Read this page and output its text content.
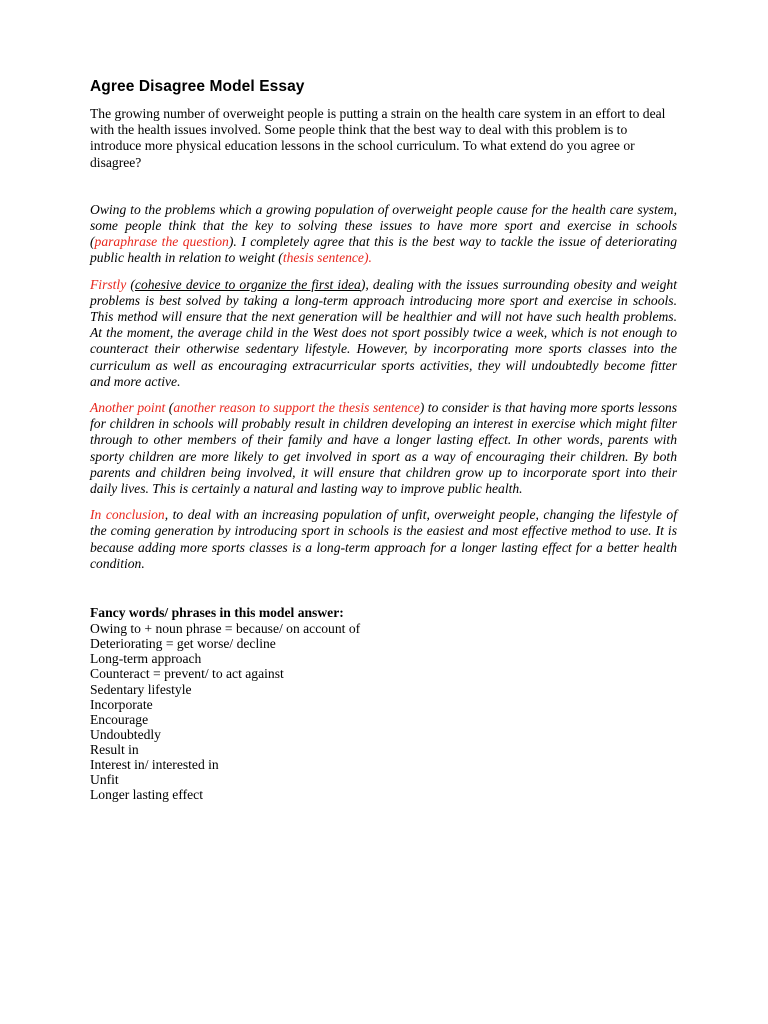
Agree Disagree Model Essay

The growing number of overweight people is putting a strain on the health care system in an effort to deal with the health issues involved. Some people think that the best way to deal with this problem is to introduce more physical education lessons in the school curriculum. To what extend do you agree or disagree?

Owing to the problems which a growing population of overweight people cause for the health care system, some people think that the key to solving these issues to have more sport and exercise in schools (paraphrase the question). I completely agree that this is the best way to tackle the issue of deteriorating public health in relation to weight (thesis sentence).

Firstly (cohesive device to organize the first idea), dealing with the issues surrounding obesity and weight problems is best solved by taking a long-term approach introducing more sport and exercise in schools. This method will ensure that the next generation will be healthier and will not have such health problems. At the moment, the average child in the West does not sport possibly twice a week, which is not enough to counteract their otherwise sedentary lifestyle. However, by incorporating more sports classes into the curriculum as well as encouraging extracurricular sports activities, they will undoubtedly become fitter and more active.

Another point (another reason to support the thesis sentence) to consider is that having more sports lessons for children in schools will probably result in children developing an interest in exercise which might filter through to other members of their family and have a longer lasting effect. In other words, parents with sporty children are more likely to get involved in sport as a way of encouraging their children. By both parents and children being involved, it will ensure that children grow up to incorporate sport into their daily lives. This is certainly a natural and lasting way to improve public health.

In conclusion, to deal with an increasing population of unfit, overweight people, changing the lifestyle of the coming generation by introducing sport in schools is the easiest and most effective method to use. It is because adding more sports classes is a long-term approach for a longer lasting effect for a better health condition.

Fancy words/ phrases in this model answer:
Owing to + noun phrase = because/ on account of
Deteriorating = get worse/ decline
Long-term approach
Counteract = prevent/ to act against
Sedentary lifestyle
Incorporate
Encourage
Undoubtedly
Result in
Interest in/ interested in
Unfit
Longer lasting effect
